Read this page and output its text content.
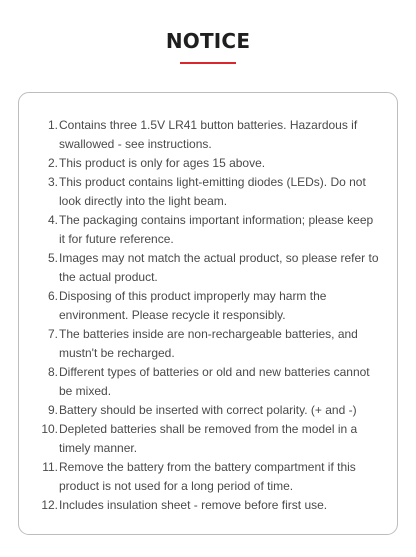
NOTICE
1. Contains three 1.5V LR41 button batteries. Hazardous if swallowed - see instructions.
2. This product is only for ages 15 above.
3. This product contains light-emitting diodes (LEDs). Do not look directly into the light beam.
4. The packaging contains important information; please keep it for future reference.
5. Images may not match the actual product, so please refer to the actual product.
6. Disposing of this product improperly may harm the environment. Please recycle it responsibly.
7. The batteries inside are non-rechargeable batteries, and mustn't be recharged.
8. Different types of batteries or old and new batteries cannot be mixed.
9. Battery should be inserted with correct polarity. (+ and -)
10. Depleted batteries shall be removed from the model in a timely manner.
11. Remove the battery from the battery compartment if this product is not used for a long period of time.
12. Includes insulation sheet - remove before first use.
